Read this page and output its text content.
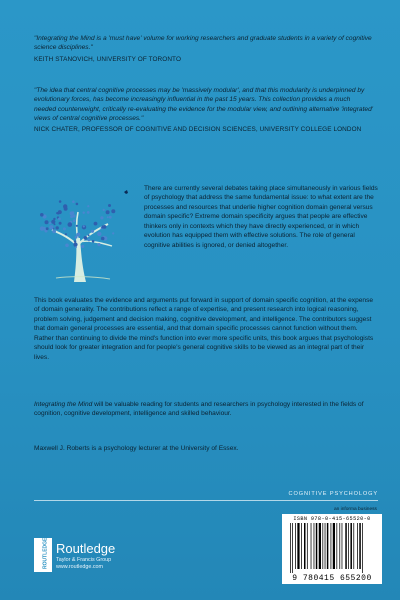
"Integrating the Mind is a 'must have' volume for working researchers and graduate students in a variety of cognitive science disciplines."
KEITH STANOVICH, UNIVERSITY OF TORONTO
"The idea that central cognitive processes may be 'massively modular', and that this modularity is underpinned by evolutionary forces, has become increasingly influential in the past 15 years. This collection provides a much needed counterweight, critically re-evaluating the evidence for the modular view, and outlining alternative 'integrated' views of central cognitive processes."
NICK CHATER, PROFESSOR OF COGNITIVE AND DECISION SCIENCES, UNIVERSITY COLLEGE LONDON
There are currently several debates taking place simultaneously in various fields of psychology that address the same fundamental issue: to what extent are the processes and resources that underlie higher cognition domain general versus domain specific? Extreme domain specificity argues that people are effective thinkers only in contexts which they have directly experienced, or in which evolution has equipped them with effective solutions. The role of general cognitive abilities is ignored, or denied altogether.
This book evaluates the evidence and arguments put forward in support of domain specific cognition, at the expense of domain generality. The contributions reflect a range of expertise, and present research into logical reasoning, problem solving, judgement and decision making, cognitive development, and intelligence. The contributors suggest that domain general processes are essential, and that domain specific processes cannot function without them. Rather than continuing to divide the mind's function into ever more specific units, this book argues that psychologists should look for greater integration and for people's general cognitive skills to be viewed as an integral part of their lives.
Integrating the Mind will be valuable reading for students and researchers in psychology interested in the fields of cognition, cognitive development, intelligence and skilled behaviour.
Maxwell J. Roberts is a psychology lecturer at the University of Essex.
COGNITIVE PSYCHOLOGY
an informa business
ISBN 978-0-415-65520-0
9 780415 655200
ROUTLEDGE Routledge
Taylor & Francis Group
www.routledge.com
